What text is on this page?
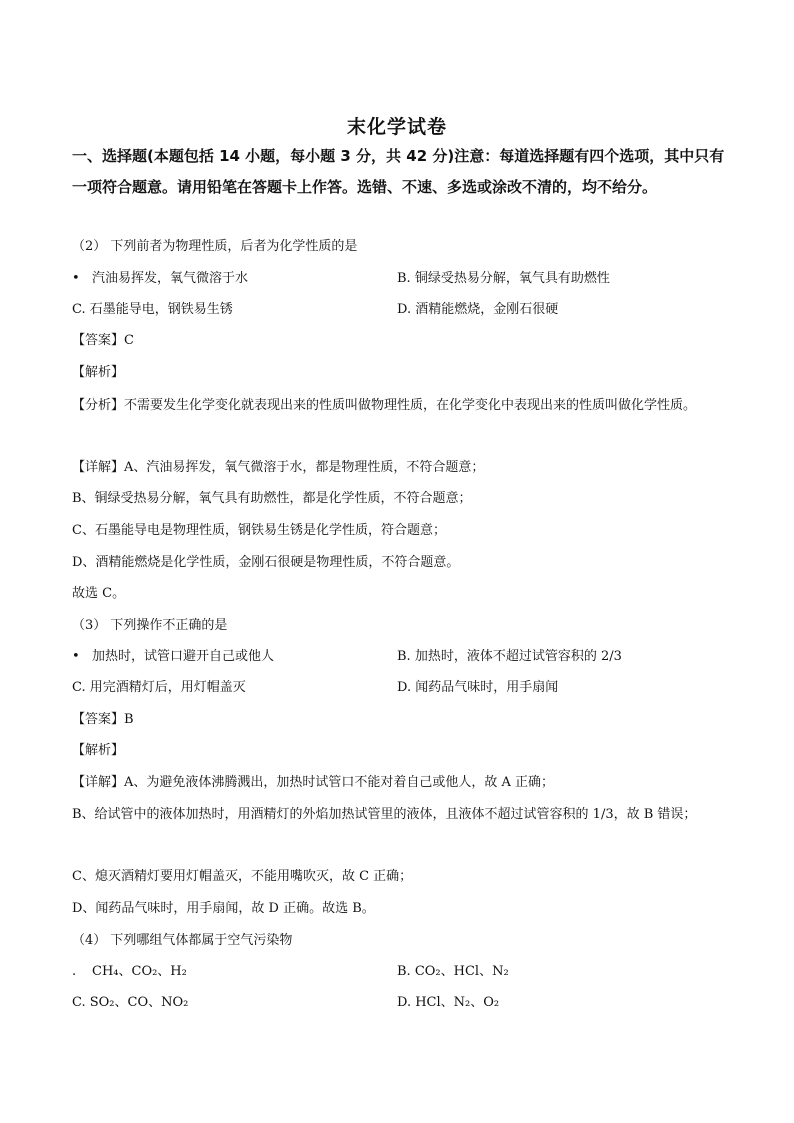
末化学试卷
一、选择题(本题包括 14 小题，每小题 3 分，共 42 分)注意：每道选择题有四个选项，其中只有一项符合题意。请用铅笔在答题卡上作答。选错、不速、多选或涂改不清的，均不给分。
（2） 下列前者为物理性质，后者为化学性质的是
• 汽油易挥发，氧气微溶于水	B. 铜绿受热易分解，氧气具有助燃性
C. 石墨能导电，钢铁易生锈	D. 酒精能燃烧，金刚石很硬
【答案】C
【解析】
【分析】不需要发生化学变化就表现出来的性质叫做物理性质，在化学变化中表现出来的性质叫做化学性质。
【详解】A、汽油易挥发，氧气微溶于水，都是物理性质，不符合题意；
B、铜绿受热易分解，氧气具有助燃性，都是化学性质，不符合题意；
C、石墨能导电是物理性质，钢铁易生锈是化学性质，符合题意；
D、酒精能燃烧是化学性质，金刚石很硬是物理性质，不符合题意。
故选 C。
（3） 下列操作不正确的是
• 加热时，试管口避开自己或他人	B. 加热时，液体不超过试管容积的 2/3
C. 用完酒精灯后，用灯帽盖灭	D. 闻药品气味时，用手扇闻
【答案】B
【解析】
【详解】A、为避免液体沸腾溅出，加热时试管口不能对着自己或他人，故 A 正确；
B、给试管中的液体加热时，用酒精灯的外焰加热试管里的液体，且液体不超过试管容积的 1/3，故 B 错误；
C、熄灭酒精灯要用灯帽盖灭，不能用嘴吹灭，故 C 正确；
D、闻药品气味时，用手扇闻，故 D 正确。故选 B。
（4） 下列哪组气体都属于空气污染物
. CH₄、CO₂、H₂	B. CO₂、HCl、N₂
C. SO₂、CO、NO₂	D. HCl、N₂、O₂
